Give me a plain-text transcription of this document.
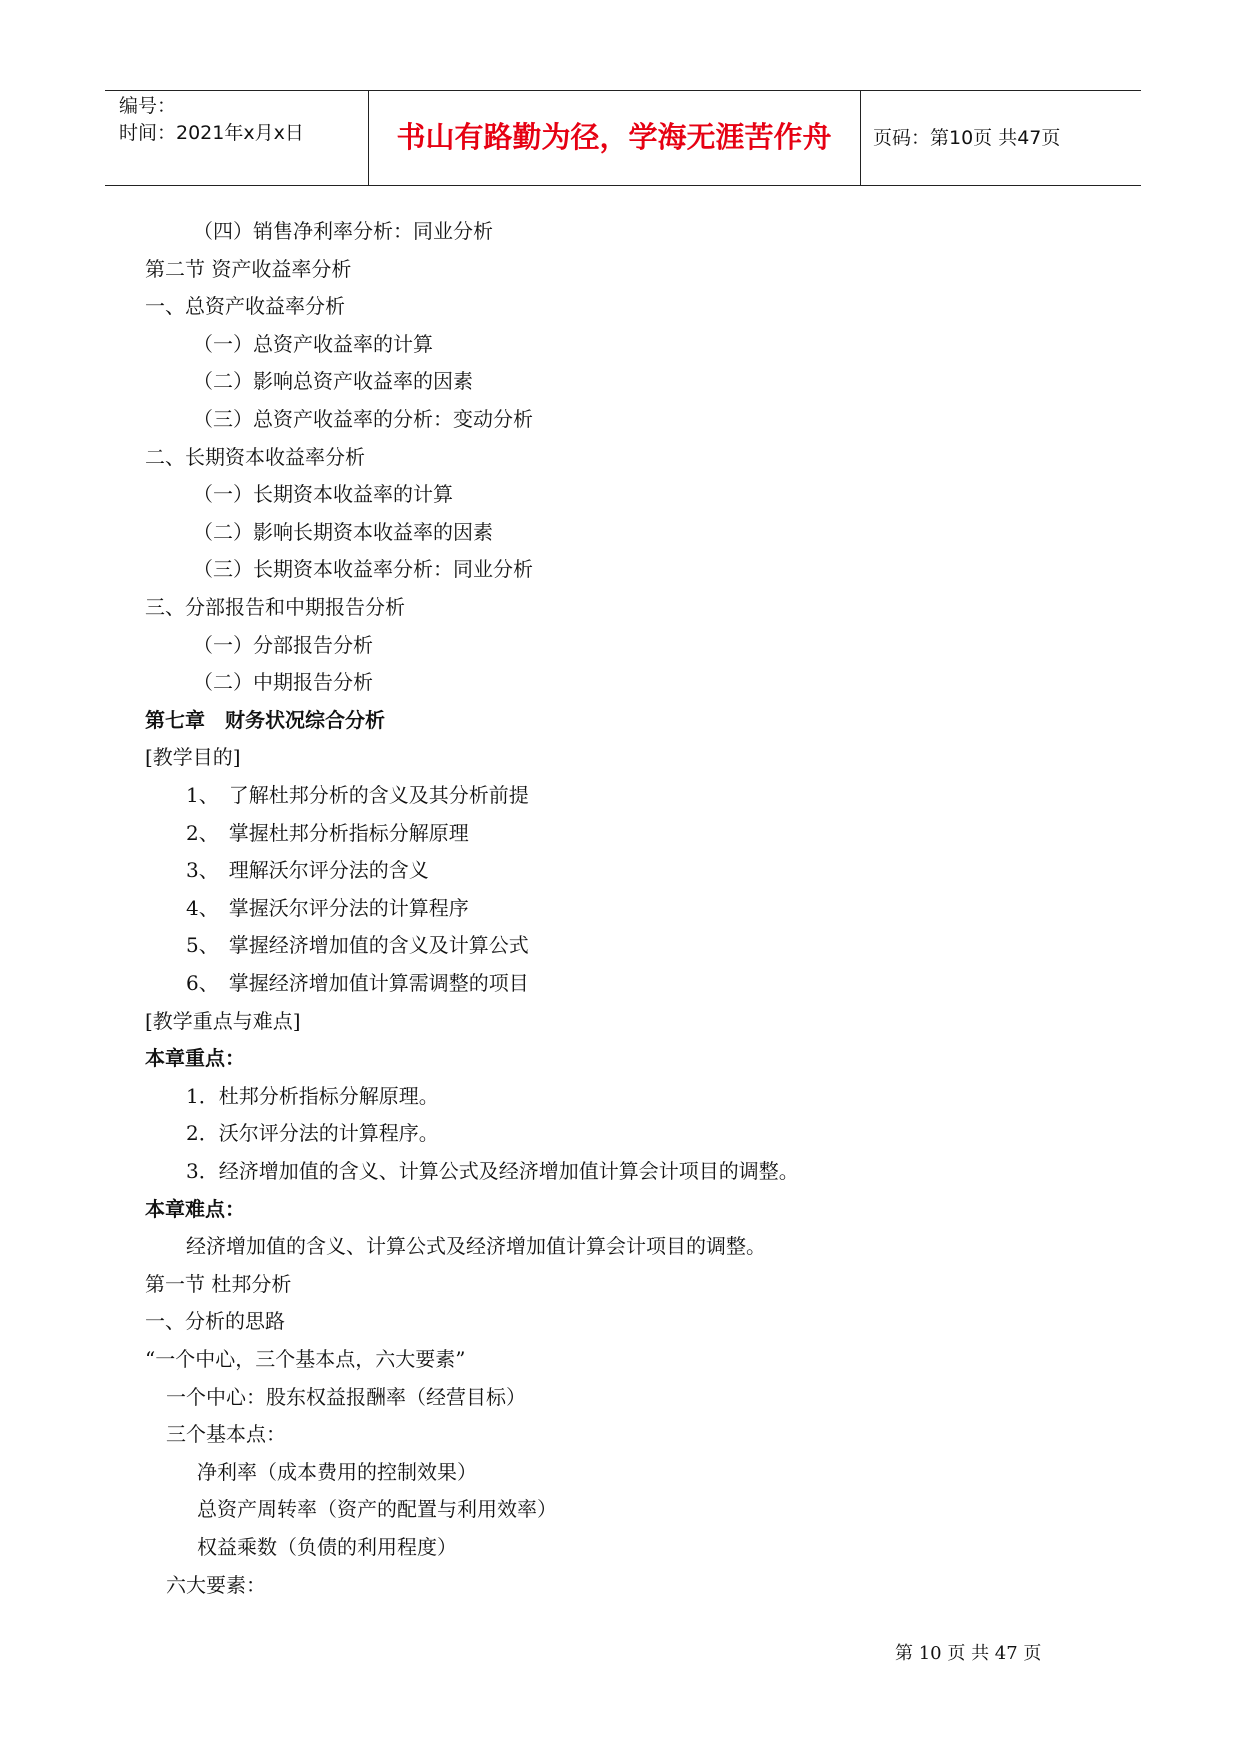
编号：
时间：2021年x月x日	书山有路勤为径，学海无涯苦作舟	页码：第10页 共47页
（四）销售净利率分析：同业分析
第二节 资产收益率分析
一、总资产收益率分析
（一）总资产收益率的计算
（二）影响总资产收益率的因素
（三）总资产收益率的分析：变动分析
二、长期资本收益率分析
（一）长期资本收益率的计算
（二）影响长期资本收益率的因素
（三）长期资本收益率分析：同业分析
三、分部报告和中期报告分析
（一）分部报告分析
（二）中期报告分析
第七章　财务状况综合分析
[教学目的]
1、　了解杜邦分析的含义及其分析前提
2、　掌握杜邦分析指标分解原理
3、　理解沃尔评分法的含义
4、　掌握沃尔评分法的计算程序
5、　掌握经济增加值的含义及计算公式
6、　掌握经济增加值计算需调整的项目
[教学重点与难点]
本章重点：
1．杜邦分析指标分解原理。
2．沃尔评分法的计算程序。
3．经济增加值的含义、计算公式及经济增加值计算会计项目的调整。
本章难点：
经济增加值的含义、计算公式及经济增加值计算会计项目的调整。
第一节 杜邦分析
一、分析的思路
“一个中心，三个基本点，六大要素”
一个中心：股东权益报酬率（经营目标）
三个基本点：
净利率（成本费用的控制效果）
总资产周转率（资产的配置与利用效率）
权益乘数（负债的利用程度）
六大要素：
第 10 页 共 47 页
